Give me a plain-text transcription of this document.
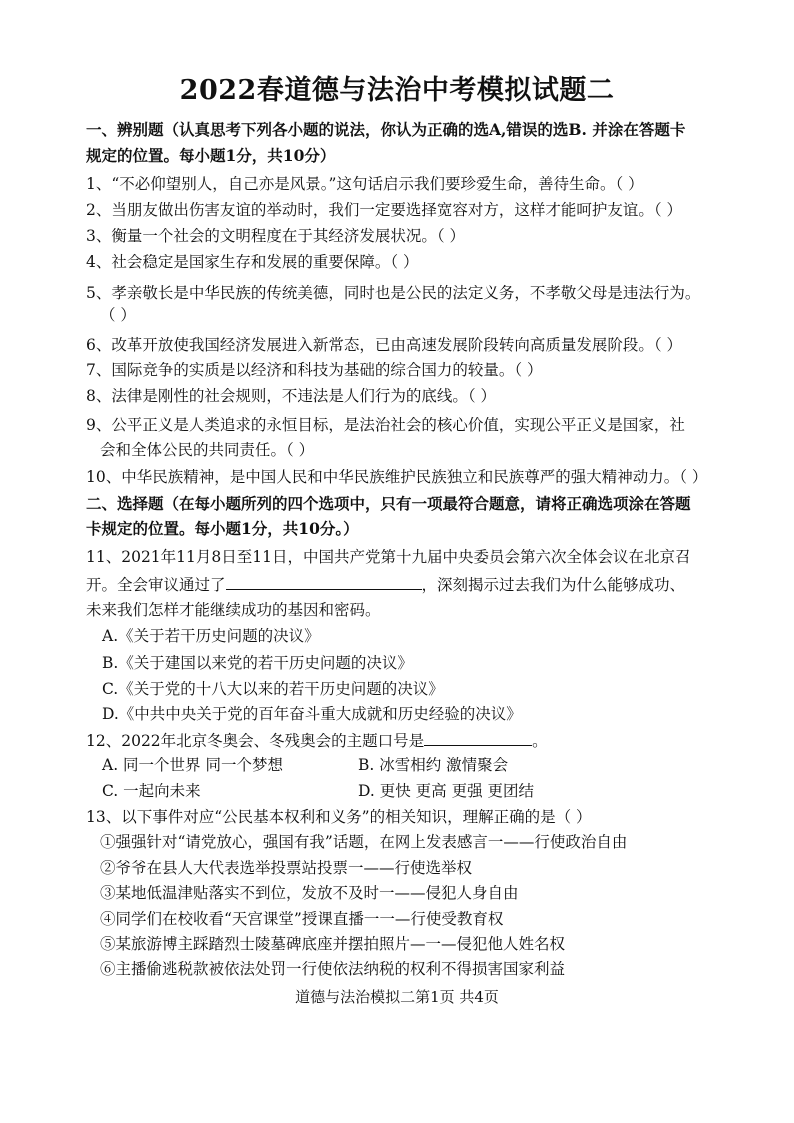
2022春道德与法治中考模拟试题二
一、辨别题（认真思考下列各小题的说法，你认为正确的选A,错误的选B. 并涂在答题卡
规定的位置。每小题1分，共10分）
1、“不必仰望别人，自己亦是风景。”这句话启示我们要珍爱生命，善待生命。（ ）
2、当朋友做出伤害友谊的举动时，我们一定要选择宽容对方，这样才能呵护友谊。（ ）
3、衡量一个社会的文明程度在于其经济发展状况。（ ）
4、社会稳定是国家生存和发展的重要保障。（ ）
5、孝亲敬长是中华民族的传统美德，同时也是公民的法定义务，不孝敬父母是违法行为。
（ ）
6、改革开放使我国经济发展进入新常态，已由高速发展阶段转向高质量发展阶段。（ ）
7、国际竞争的实质是以经济和科技为基础的综合国力的较量。（ ）
8、法律是刚性的社会规则，不违法是人们行为的底线。（ ）
9、公平正义是人类追求的永恒目标，是法治社会的核心价值，实现公平正义是国家，社
会和全体公民的共同责任。（ ）
10、中华民族精神，是中国人民和中华民族维护民族独立和民族尊严的强大精神动力。（ ）
二、选择题（在每小题所列的四个选项中，只有一项最符合题意，请将正确选项涂在答题
卡规定的位置。每小题1分，共10分。）
11、2021年11月8日至11日，中国共产党第十九届中央委员会第六次全体会议在北京召
开。全会审议通过了	，深刻揭示过去我们为什么能够成功、
未来我们怎样才能继续成功的基因和密码。
A.《关于若干历史问题的决议》
B.《关于建国以来党的若干历史问题的决议》
C.《关于党的十八大以来的若干历史问题的决议》
D.《中共中央关于党的百年奋斗重大成就和历史经验的决议》
12、2022年北京冬奥会、冬残奥会的主题口号是	。
A. 同一个世界 同一个梦想	B. 冰雪相约 激情聚会
C. 一起向未来	D. 更快 更高 更强 更团结
13、以下事件对应“公民基本权利和义务”的相关知识，理解正确的是（ ）
①强强针对“请党放心，强国有我”话题，在网上发表感言一——行使政治自由
②爷爷在县人大代表选举投票站投票一——行使选举权
③某地低温津贴落实不到位，发放不及时一——侵犯人身自由
④同学们在校收看“天宫课堂”授课直播一一—行使受教育权
⑤某旅游博主踩踏烈士陵墓碑底座并摆拍照片—一—侵犯他人姓名权
⑥主播偷逃税款被依法处罚一行使依法纳税的权利不得损害国家利益
道德与法治模拟二第1页 共4页
